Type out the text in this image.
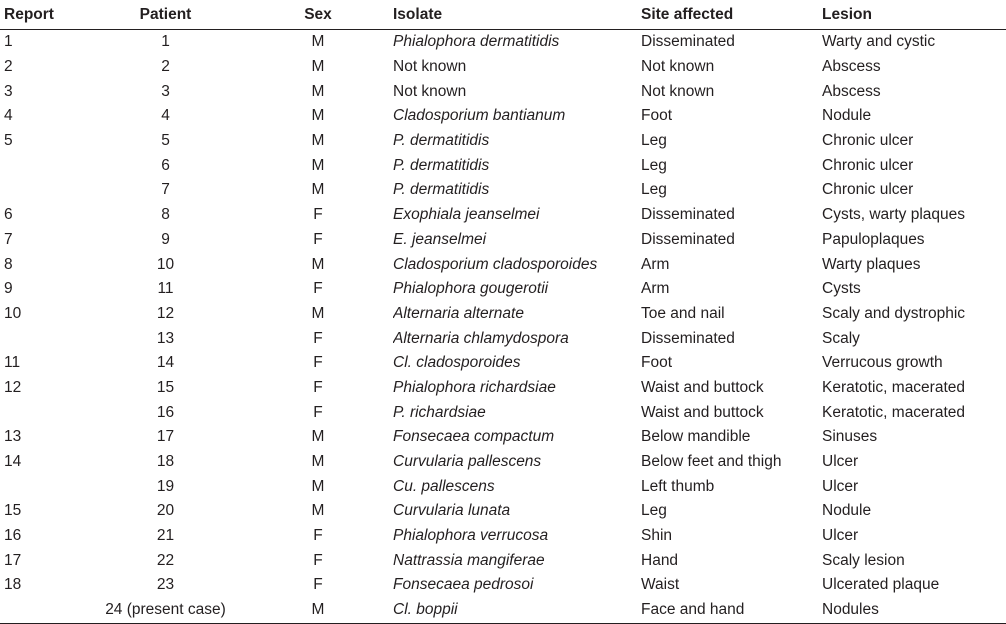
Report	Patient	Sex	Isolate	Site affected	Lesion
1	1	M	Phialophora dermatitidis	Disseminated	Warty and cystic
2	2	M	Not known	Not known	Abscess
3	3	M	Not known	Not known	Abscess
4	4	M	Cladosporium bantianum	Foot	Nodule
5	5	M	P. dermatitidis	Leg	Chronic ulcer
	6	M	P. dermatitidis	Leg	Chronic ulcer
	7	M	P. dermatitidis	Leg	Chronic ulcer
6	8	F	Exophiala jeanselmei	Disseminated	Cysts, warty plaques
7	9	F	E. jeanselmei	Disseminated	Papuloplaques
8	10	M	Cladosporium cladosporoides	Arm	Warty plaques
9	11	F	Phialophora gougerotii	Arm	Cysts
10	12	M	Alternaria alternate	Toe and nail	Scaly and dystrophic
	13	F	Alternaria chlamydospora	Disseminated	Scaly
11	14	F	Cl. cladosporoides	Foot	Verrucous growth
12	15	F	Phialophora richardsiae	Waist and buttock	Keratotic, macerated
	16	F	P. richardsiae	Waist and buttock	Keratotic, macerated
13	17	M	Fonsecaea compactum	Below mandible	Sinuses
14	18	M	Curvularia pallescens	Below feet and thigh	Ulcer
	19	M	Cu. pallescens	Left thumb	Ulcer
15	20	M	Curvularia lunata	Leg	Nodule
16	21	F	Phialophora verrucosa	Shin	Ulcer
17	22	F	Nattrassia mangiferae	Hand	Scaly lesion
18	23	F	Fonsecaea pedrosoi	Waist	Ulcerated plaque
	24 (present case)	M	Cl. boppii	Face and hand	Nodules
